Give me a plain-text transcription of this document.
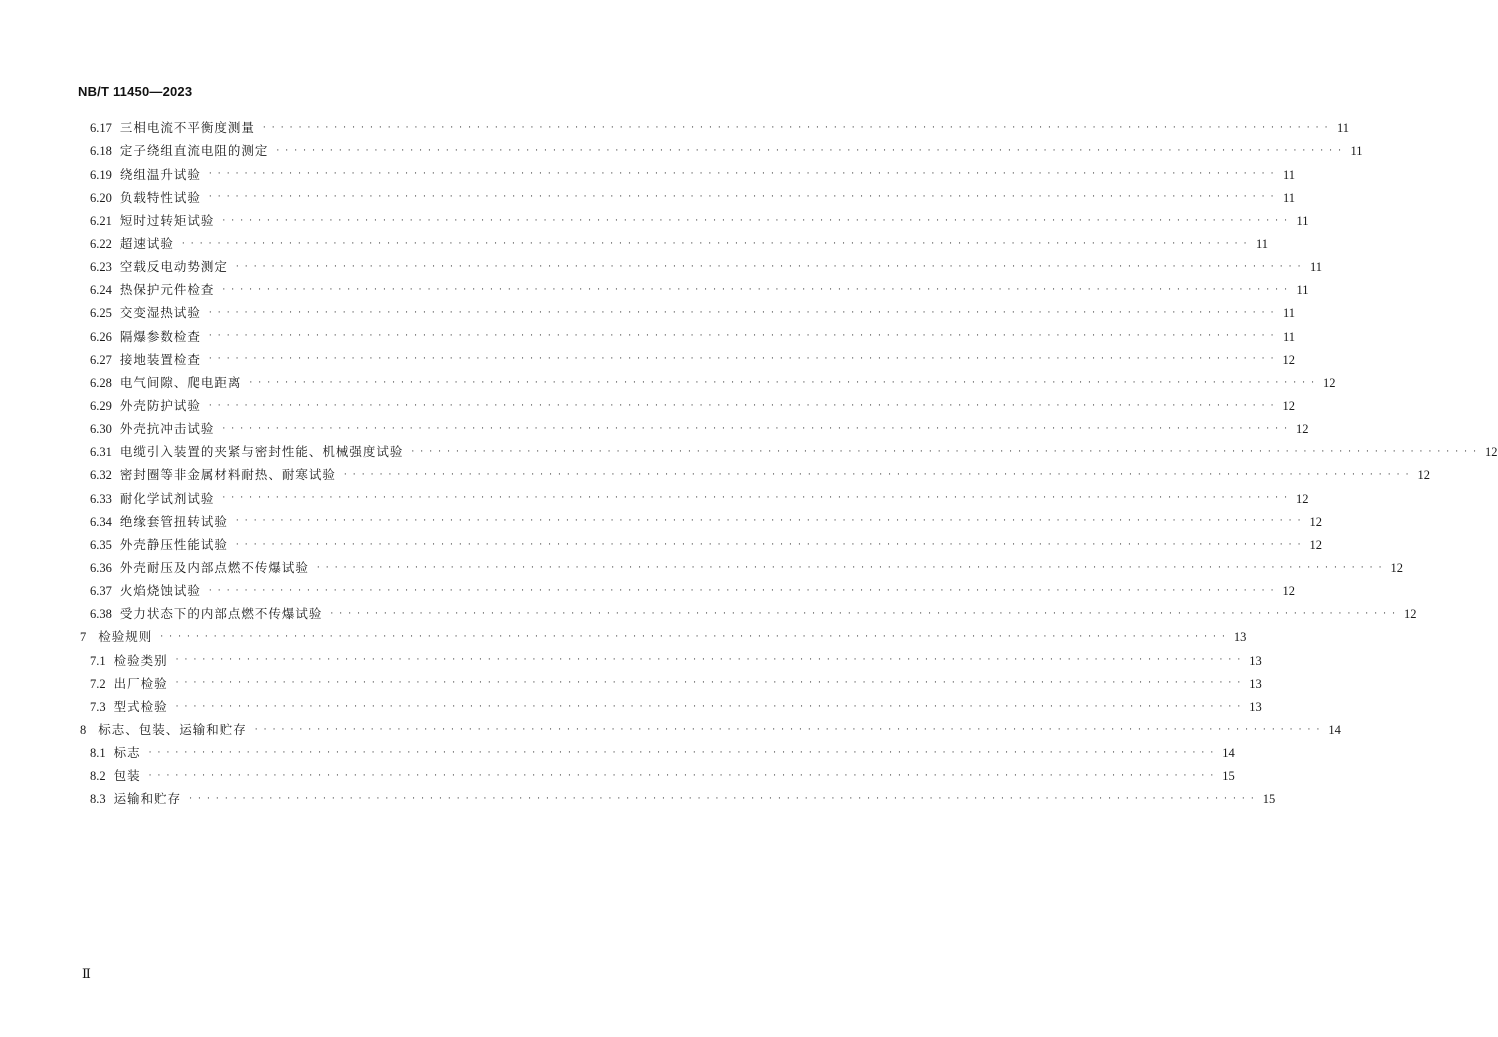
NB/T 11450—2023
6.17 三相电流不平衡度测量 · · · · · · · · · · · · · · · · · · · · · · · · · · · · · · · · · · · · · · · · · · · · · · · · · · · · · · · · · · · · · · · · · · · · · · · · · · · · · · · · · · · · · · · · · · · · · · · · · · · · · · · · · · · · · · · · · · · · · · · · 11
6.18 定子绕组直流电阻的测定 · · · · · · · · · · · · · · · · · · · · · · · · · · · · · · · · · · · · · · · · · · · · · · · · · · · · · · · · · · · · · · · · · · · · · · · · · · · · · · · · · · · · · · · · · · · · · · · · · · · · · · · · · · · · · · · · · · · · · · · · 11
6.19 绕组温升试验 · · · · · · · · · · · · · · · · · · · · · · · · · · · · · · · · · · · · · · · · · · · · · · · · · · · · · · · · · · · · · · · · · · · · · · · · · · · · · · · · · · · · · · · · · · · · · · · · · · · · · · · · · · · · · · · · · · · · · · · · 11
6.20 负载特性试验 · · · · · · · · · · · · · · · · · · · · · · · · · · · · · · · · · · · · · · · · · · · · · · · · · · · · · · · · · · · · · · · · · · · · · · · · · · · · · · · · · · · · · · · · · · · · · · · · · · · · · · · · · · · · · · · · · · · · · · · · 11
6.21 短时过转矩试验 · · · · · · · · · · · · · · · · · · · · · · · · · · · · · · · · · · · · · · · · · · · · · · · · · · · · · · · · · · · · · · · · · · · · · · · · · · · · · · · · · · · · · · · · · · · · · · · · · · · · · · · · · · · · · · · · · · · · · · · · 11
6.22 超速试验 · · · · · · · · · · · · · · · · · · · · · · · · · · · · · · · · · · · · · · · · · · · · · · · · · · · · · · · · · · · · · · · · · · · · · · · · · · · · · · · · · · · · · · · · · · · · · · · · · · · · · · · · · · · · · · · · · · · · · · · · 11
6.23 空载反电动势测定 · · · · · · · · · · · · · · · · · · · · · · · · · · · · · · · · · · · · · · · · · · · · · · · · · · · · · · · · · · · · · · · · · · · · · · · · · · · · · · · · · · · · · · · · · · · · · · · · · · · · · · · · · · · · · · · · · · · · · · · · 11
6.24 热保护元件检查 · · · · · · · · · · · · · · · · · · · · · · · · · · · · · · · · · · · · · · · · · · · · · · · · · · · · · · · · · · · · · · · · · · · · · · · · · · · · · · · · · · · · · · · · · · · · · · · · · · · · · · · · · · · · · · · · · · · · · · · · 11
6.25 交变湿热试验 · · · · · · · · · · · · · · · · · · · · · · · · · · · · · · · · · · · · · · · · · · · · · · · · · · · · · · · · · · · · · · · · · · · · · · · · · · · · · · · · · · · · · · · · · · · · · · · · · · · · · · · · · · · · · · · · · · · · · · · · 11
6.26 隔爆参数检查 · · · · · · · · · · · · · · · · · · · · · · · · · · · · · · · · · · · · · · · · · · · · · · · · · · · · · · · · · · · · · · · · · · · · · · · · · · · · · · · · · · · · · · · · · · · · · · · · · · · · · · · · · · · · · · · · · · · · · · · · 11
6.27 接地装置检查 · · · · · · · · · · · · · · · · · · · · · · · · · · · · · · · · · · · · · · · · · · · · · · · · · · · · · · · · · · · · · · · · · · · · · · · · · · · · · · · · · · · · · · · · · · · · · · · · · · · · · · · · · · · · · · · · · · · · · · · · 12
6.28 电气间隙、爬电距离 · · · · · · · · · · · · · · · · · · · · · · · · · · · · · · · · · · · · · · · · · · · · · · · · · · · · · · · · · · · · · · · · · · · · · · · · · · · · · · · · · · · · · · · · · · · · · · · · · · · · · · · · · · · · · · · · · · · · · · · · 12
6.29 外壳防护试验 · · · · · · · · · · · · · · · · · · · · · · · · · · · · · · · · · · · · · · · · · · · · · · · · · · · · · · · · · · · · · · · · · · · · · · · · · · · · · · · · · · · · · · · · · · · · · · · · · · · · · · · · · · · · · · · · · · · · · · · · 12
6.30 外壳抗冲击试验 · · · · · · · · · · · · · · · · · · · · · · · · · · · · · · · · · · · · · · · · · · · · · · · · · · · · · · · · · · · · · · · · · · · · · · · · · · · · · · · · · · · · · · · · · · · · · · · · · · · · · · · · · · · · · · · · · · · · · · · · 12
6.31 电缆引入装置的夹紧与密封性能、机械强度试验 · · · · · · · · · · · · · · · · · · · · · · · · · · · · · · · · · · · · · · · · · · · · · · · · · · · · · · · · · · · · · · · · · · · · · · · · · · · · · · · · · · · · · · · · · · · · · · · · · · · · · · · · · · · · · · · · · · · · · · · · 12
6.32 密封圈等非金属材料耐热、耐寒试验 · · · · · · · · · · · · · · · · · · · · · · · · · · · · · · · · · · · · · · · · · · · · · · · · · · · · · · · · · · · · · · · · · · · · · · · · · · · · · · · · · · · · · · · · · · · · · · · · · · · · · · · · · · · · · · · · · · · · · · · · 12
6.33 耐化学试剂试验 · · · · · · · · · · · · · · · · · · · · · · · · · · · · · · · · · · · · · · · · · · · · · · · · · · · · · · · · · · · · · · · · · · · · · · · · · · · · · · · · · · · · · · · · · · · · · · · · · · · · · · · · · · · · · · · · · · · · · · · · 12
6.34 绝缘套管扭转试验 · · · · · · · · · · · · · · · · · · · · · · · · · · · · · · · · · · · · · · · · · · · · · · · · · · · · · · · · · · · · · · · · · · · · · · · · · · · · · · · · · · · · · · · · · · · · · · · · · · · · · · · · · · · · · · · · · · · · · · · · 12
6.35 外壳静压性能试验 · · · · · · · · · · · · · · · · · · · · · · · · · · · · · · · · · · · · · · · · · · · · · · · · · · · · · · · · · · · · · · · · · · · · · · · · · · · · · · · · · · · · · · · · · · · · · · · · · · · · · · · · · · · · · · · · · · · · · · · · 12
6.36 外壳耐压及内部点燃不传爆试验 · · · · · · · · · · · · · · · · · · · · · · · · · · · · · · · · · · · · · · · · · · · · · · · · · · · · · · · · · · · · · · · · · · · · · · · · · · · · · · · · · · · · · · · · · · · · · · · · · · · · · · · · · · · · · · · · · · · · · · · · 12
6.37 火焰烧蚀试验 · · · · · · · · · · · · · · · · · · · · · · · · · · · · · · · · · · · · · · · · · · · · · · · · · · · · · · · · · · · · · · · · · · · · · · · · · · · · · · · · · · · · · · · · · · · · · · · · · · · · · · · · · · · · · · · · · · · · · · · · 12
6.38 受力状态下的内部点燃不传爆试验 · · · · · · · · · · · · · · · · · · · · · · · · · · · · · · · · · · · · · · · · · · · · · · · · · · · · · · · · · · · · · · · · · · · · · · · · · · · · · · · · · · · · · · · · · · · · · · · · · · · · · · · · · · · · · · · · · · · · · · · · 12
7 检验规则 · · · · · · · · · · · · · · · · · · · · · · · · · · · · · · · · · · · · · · · · · · · · · · · · · · · · · · · · · · · · · · · · · · · · · · · · · · · · · · · · · · · · · · · · · · · · · · · · · · · · · · · · · · · · · · · · · · · · · · · · 13
7.1 检验类别 · · · · · · · · · · · · · · · · · · · · · · · · · · · · · · · · · · · · · · · · · · · · · · · · · · · · · · · · · · · · · · · · · · · · · · · · · · · · · · · · · · · · · · · · · · · · · · · · · · · · · · · · · · · · · · · · · · · · · · · · 13
7.2 出厂检验 · · · · · · · · · · · · · · · · · · · · · · · · · · · · · · · · · · · · · · · · · · · · · · · · · · · · · · · · · · · · · · · · · · · · · · · · · · · · · · · · · · · · · · · · · · · · · · · · · · · · · · · · · · · · · · · · · · · · · · · · 13
7.3 型式检验 · · · · · · · · · · · · · · · · · · · · · · · · · · · · · · · · · · · · · · · · · · · · · · · · · · · · · · · · · · · · · · · · · · · · · · · · · · · · · · · · · · · · · · · · · · · · · · · · · · · · · · · · · · · · · · · · · · · · · · · · 13
8 标志、包装、运输和贮存 · · · · · · · · · · · · · · · · · · · · · · · · · · · · · · · · · · · · · · · · · · · · · · · · · · · · · · · · · · · · · · · · · · · · · · · · · · · · · · · · · · · · · · · · · · · · · · · · · · · · · · · · · · · · · · · · · · · · · · · · 14
8.1 标志 · · · · · · · · · · · · · · · · · · · · · · · · · · · · · · · · · · · · · · · · · · · · · · · · · · · · · · · · · · · · · · · · · · · · · · · · · · · · · · · · · · · · · · · · · · · · · · · · · · · · · · · · · · · · · · · · · · · · · · · · 14
8.2 包装 · · · · · · · · · · · · · · · · · · · · · · · · · · · · · · · · · · · · · · · · · · · · · · · · · · · · · · · · · · · · · · · · · · · · · · · · · · · · · · · · · · · · · · · · · · · · · · · · · · · · · · · · · · · · · · · · · · · · · · · · 15
8.3 运输和贮存 · · · · · · · · · · · · · · · · · · · · · · · · · · · · · · · · · · · · · · · · · · · · · · · · · · · · · · · · · · · · · · · · · · · · · · · · · · · · · · · · · · · · · · · · · · · · · · · · · · · · · · · · · · · · · · · · · · · · · · · · 15
Ⅱ
